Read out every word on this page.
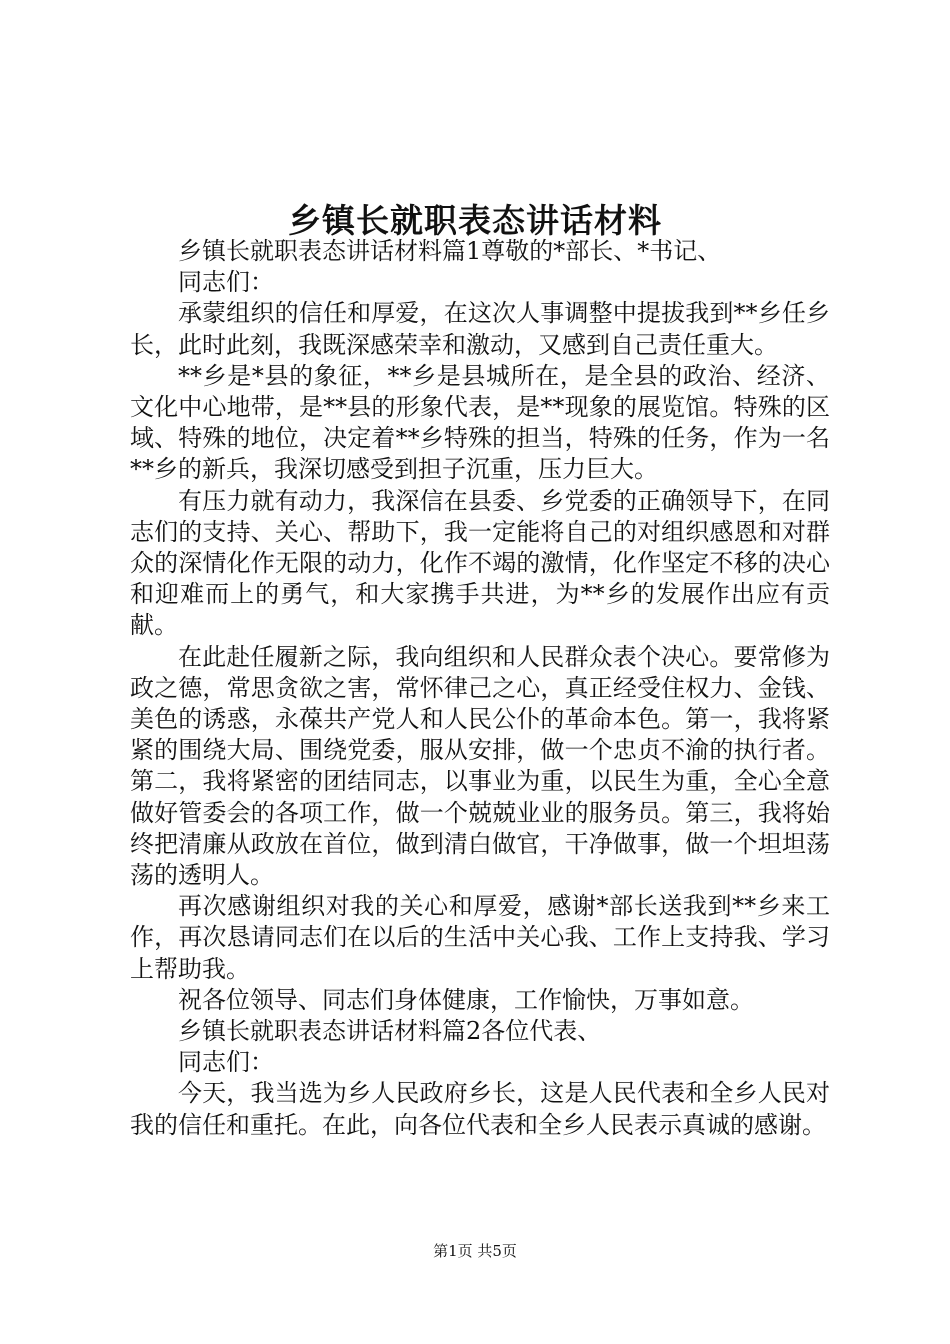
乡镇长就职表态讲话材料

乡镇长就职表态讲话材料篇1尊敬的*部长、*书记、

同志们：

承蒙组织的信任和厚爱，在这次人事调整中提拔我到**乡任乡长，此时此刻，我既深感荣幸和激动，又感到自己责任重大。

**乡是*县的象征，**乡是县城所在，是全县的政治、经济、文化中心地带，是**县的形象代表，是**现象的展览馆。特殊的区域、特殊的地位，决定着**乡特殊的担当，特殊的任务，作为一名**乡的新兵，我深切感受到担子沉重，压力巨大。

有压力就有动力，我深信在县委、乡党委的正确领导下，在同志们的支持、关心、帮助下，我一定能将自己的对组织感恩和对群众的深情化作无限的动力，化作不竭的激情，化作坚定不移的决心和迎难而上的勇气，和大家携手共进，为**乡的发展作出应有贡献。

在此赴任履新之际，我向组织和人民群众表个决心。要常修为政之德，常思贪欲之害，常怀律己之心，真正经受住权力、金钱、美色的诱惑，永葆共产党人和人民公仆的革命本色。第一，我将紧紧的围绕大局、围绕党委，服从安排，做一个忠贞不渝的执行者。第二，我将紧密的团结同志，以事业为重，以民生为重，全心全意做好管委会的各项工作，做一个兢兢业业的服务员。第三，我将始终把清廉从政放在首位，做到清白做官，干净做事，做一个坦坦荡荡的透明人。

再次感谢组织对我的关心和厚爱，感谢*部长送我到**乡来工作，再次恳请同志们在以后的生活中关心我、工作上支持我、学习上帮助我。

祝各位领导、同志们身体健康，工作愉快，万事如意。

乡镇长就职表态讲话材料篇2各位代表、

同志们：

今天，我当选为乡人民政府乡长，这是人民代表和全乡人民对我的信任和重托。在此，向各位代表和全乡人民表示真诚的感谢。

第1页 共5页
